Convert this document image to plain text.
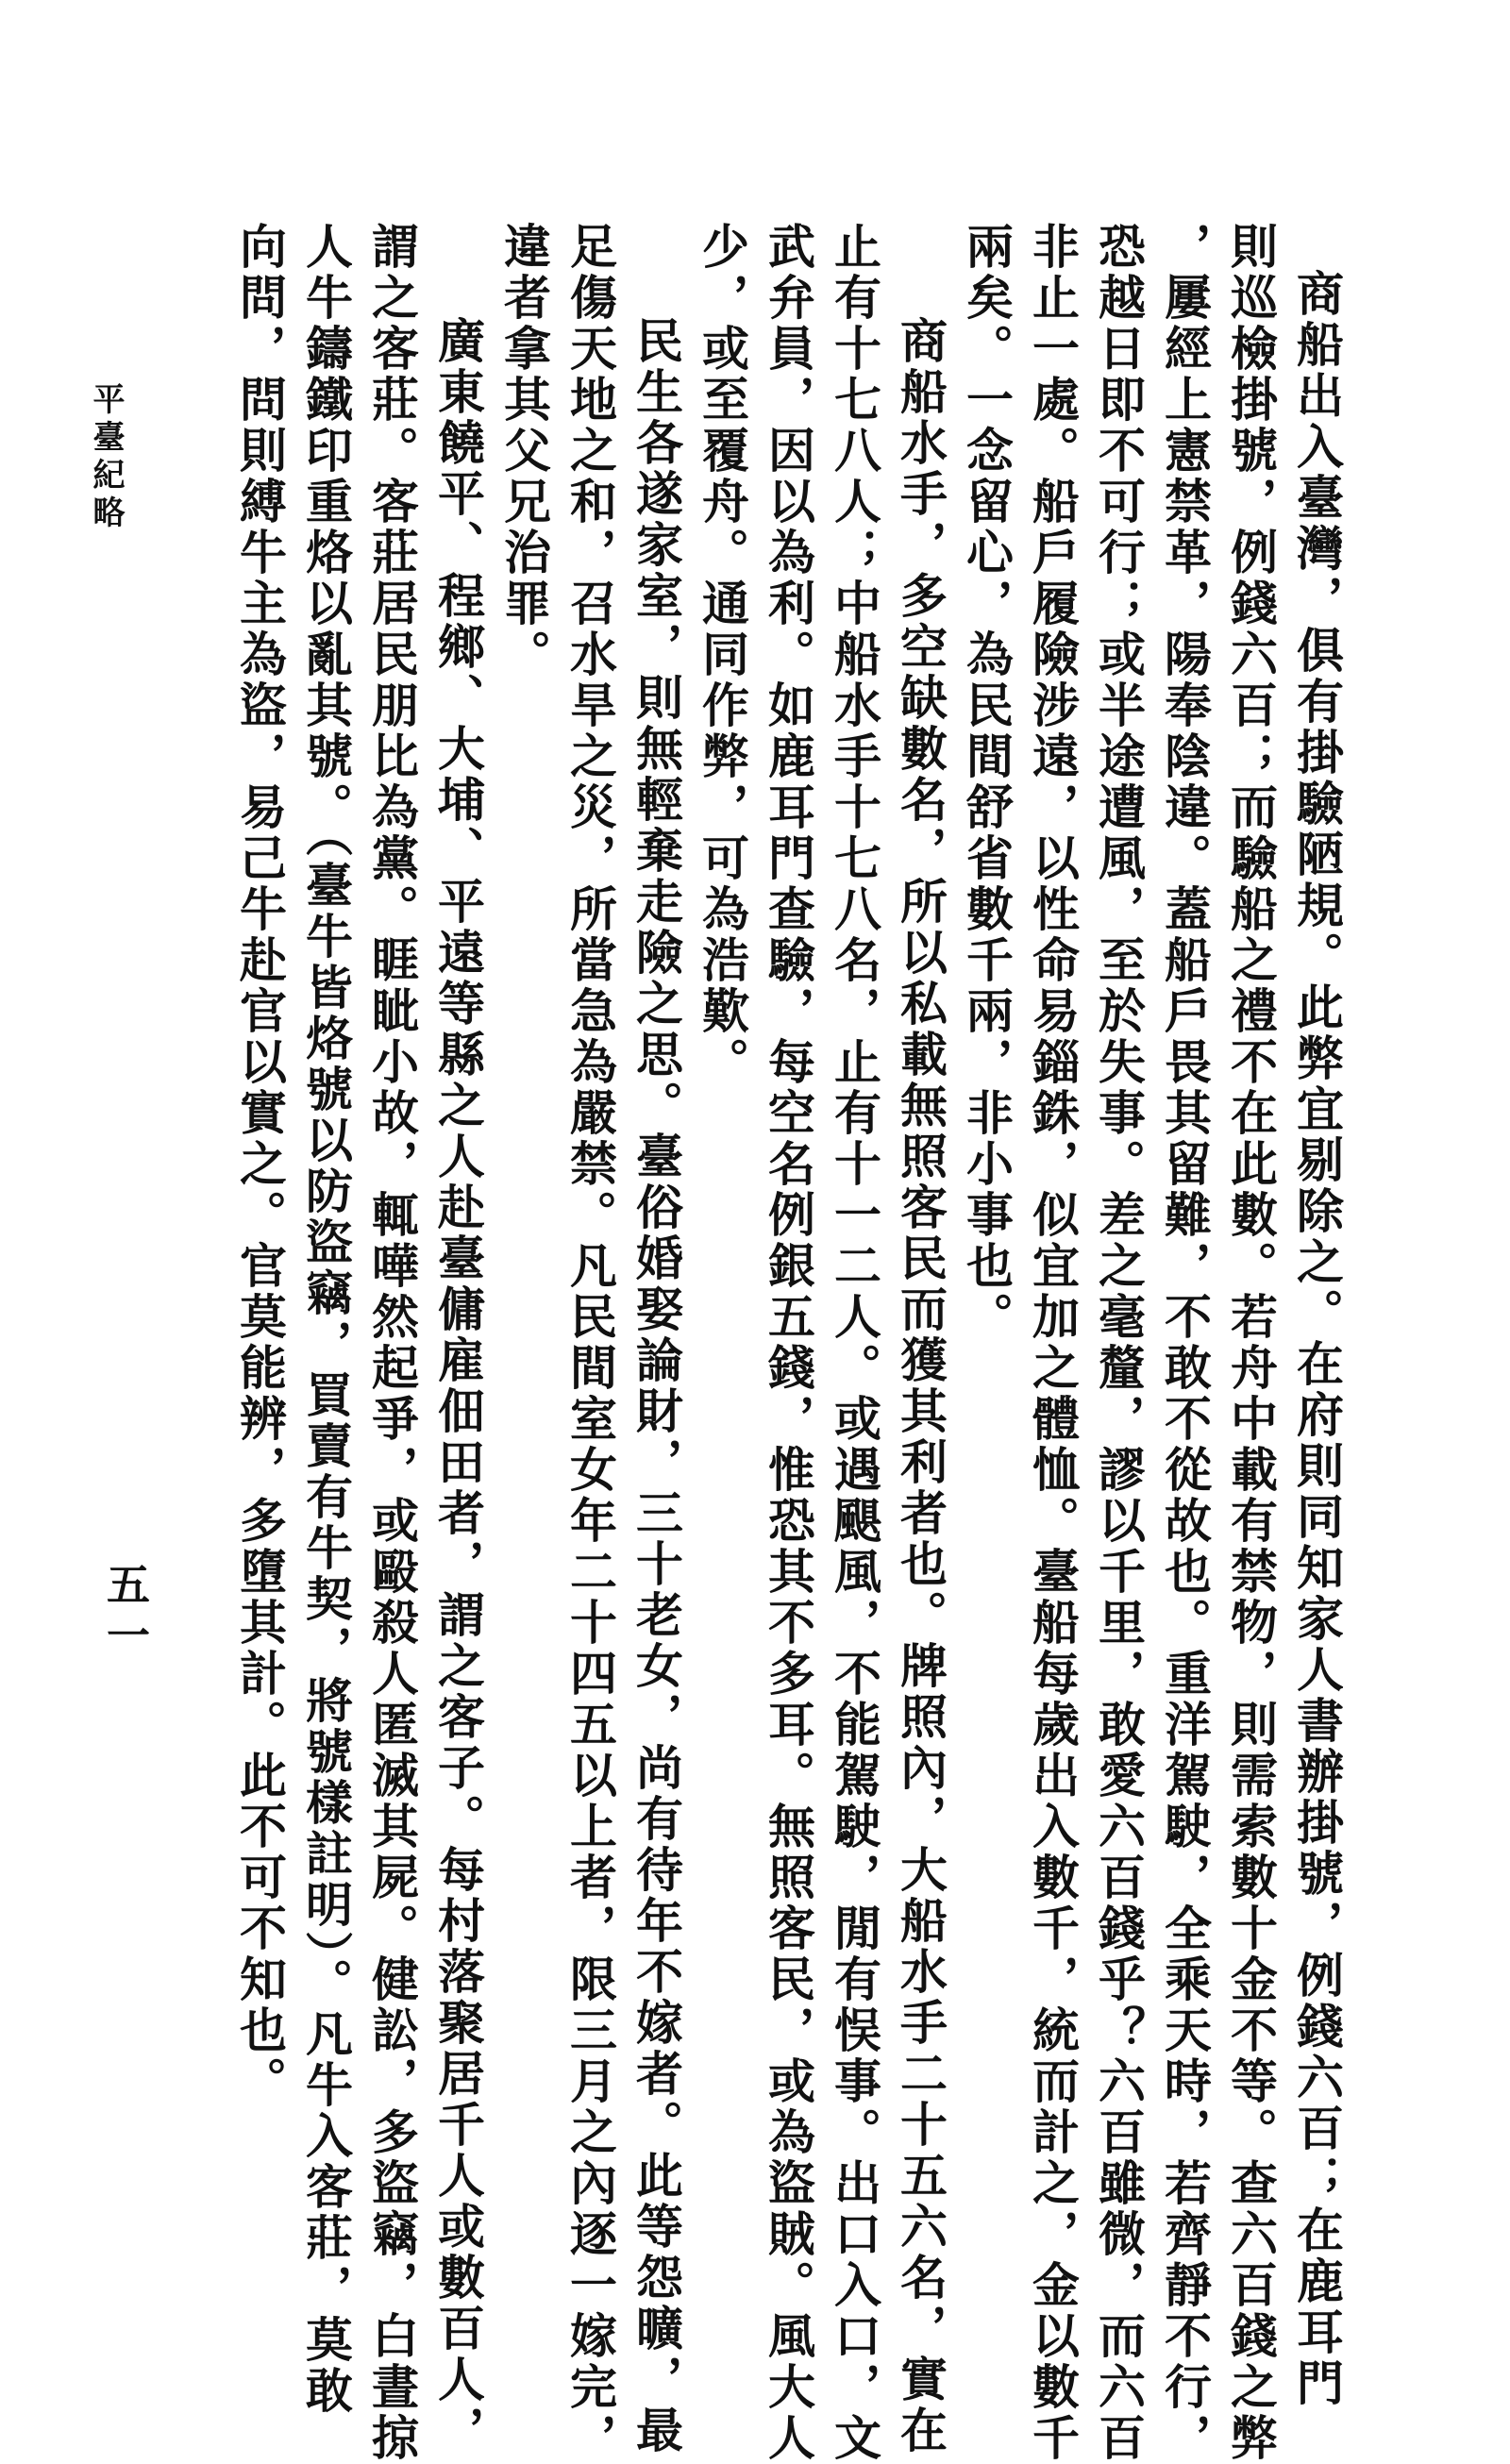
商船出入臺灣，俱有掛驗陋規。此弊宜剔除之。在府則同知家人書辦掛號，例錢六百；在鹿耳門
則巡檢掛號，例錢六百；而驗船之禮不在此數。若舟中載有禁物，則需索數十金不等。查六百錢之弊
，屢經上憲禁革，陽奉陰違。蓋船戶畏其留難，不敢不從故也。重洋駕駛，全乘天時，若齊靜不行，
恐越日即不可行；或半途遭風，至於失事。差之毫釐，謬以千里，敢愛六百錢乎？六百雖微，而六百
非止一處。船戶履險涉遠，以性命易錙銖，似宜加之體恤。臺船每歲出入數千，統而計之，金以數千
兩矣。一念留心，為民間舒省數千兩，非小事也。
商船水手，多空缺數名，所以私載無照客民而獲其利者也。牌照內，大船水手二十五六名，實在
止有十七八人；中船水手十七八名，止有十一二人。或遇颶風，不能駕駛，閒有悮事。出口入口，文
武弁員，因以為利。如鹿耳門查驗，每空名例銀五錢，惟恐其不多耳。無照客民，或為盜賊。風大人
少，或至覆舟。通同作弊，可為浩歎。
民生各遂家室，則無輕棄走險之思。臺俗婚娶論財，三十老女，尚有待年不嫁者。此等怨曠，最
足傷天地之和，召水旱之災，所當急為嚴禁。凡民間室女年二十四五以上者，限三月之內逐一嫁完，
違者拿其父兄治罪。
廣東饒平、程鄉、大埔、平遠等縣之人赴臺傭雇佃田者，謂之客子。每村落聚居千人或數百人，
謂之客莊。客莊居民朋比為黨。睚眦小故，輒嘩然起爭，或毆殺人匿滅其屍。健訟，多盜竊，白晝掠
人牛鑄鐵印重烙以亂其號。（臺牛皆烙號以防盜竊，買賣有牛契，將號樣註明）。凡牛入客莊，莫敢
向問，問則縛牛主為盜，易己牛赴官以實之。官莫能辨，多墮其計。此不可不知也。
平臺紀略
五一
